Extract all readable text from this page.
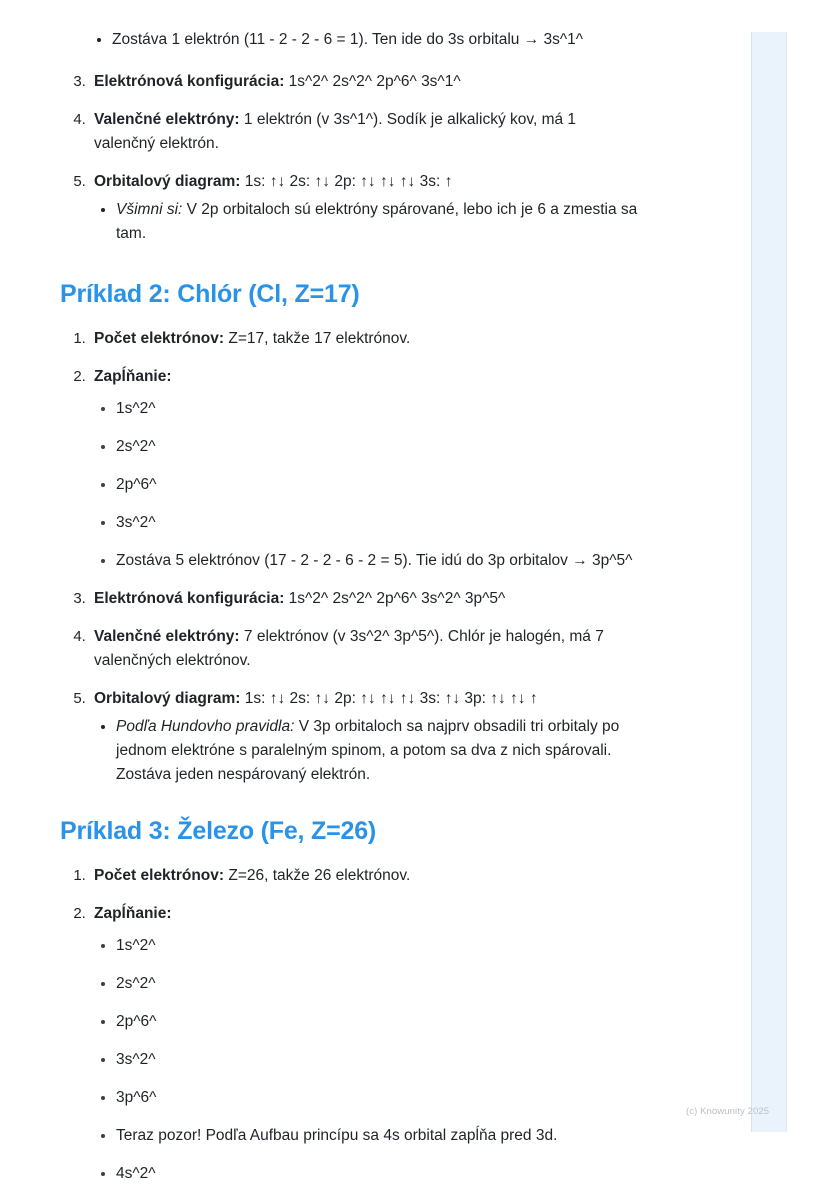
• Zostáva 1 elektrón (11 - 2 - 2 - 6 = 1). Ten ide do 3s orbitalu → 3s^1^
3. Elektrónová konfigurácia: 1s^2^ 2s^2^ 2p^6^ 3s^1^
4. Valenčné elektróny: 1 elektrón (v 3s^1^). Sodík je alkalický kov, má 1 valenčný elektrón.
5. Orbitalový diagram: 1s: ↑↓ 2s: ↑↓ 2p: ↑↓ ↑↓ ↑↓ 3s: ↑
• Všimni si: V 2p orbitaloch sú elektróny spárované, lebo ich je 6 a zmestia sa tam.
Príklad 2: Chlór (Cl, Z=17)
1. Počet elektrónov: Z=17, takže 17 elektrónov.
2. Zapĺňanie:
• 1s^2^
• 2s^2^
• 2p^6^
• 3s^2^
• Zostáva 5 elektrónov (17 - 2 - 2 - 6 - 2 = 5). Tie idú do 3p orbitalov → 3p^5^
3. Elektrónová konfigurácia: 1s^2^ 2s^2^ 2p^6^ 3s^2^ 3p^5^
4. Valenčné elektróny: 7 elektrónov (v 3s^2^ 3p^5^). Chlór je halogén, má 7 valenčných elektrónov.
5. Orbitalový diagram: 1s: ↑↓ 2s: ↑↓ 2p: ↑↓ ↑↓ ↑↓ 3s: ↑↓ 3p: ↑↓ ↑↓ ↑
• Podľa Hundovho pravidla: V 3p orbitaloch sa najprv obsadili tri orbitaly po jednom elektróne s paralelným spinom, a potom sa dva z nich spárovali. Zostáva jeden nespárovaný elektrón.
Príklad 3: Železo (Fe, Z=26)
1. Počet elektrónov: Z=26, takže 26 elektrónov.
2. Zapĺňanie:
• 1s^2^
• 2s^2^
• 2p^6^
• 3s^2^
• 3p^6^
• Teraz pozor! Podľa Aufbau princípu sa 4s orbital zapĺňa pred 3d.
• 4s^2^
(c) Knowunity 2025
